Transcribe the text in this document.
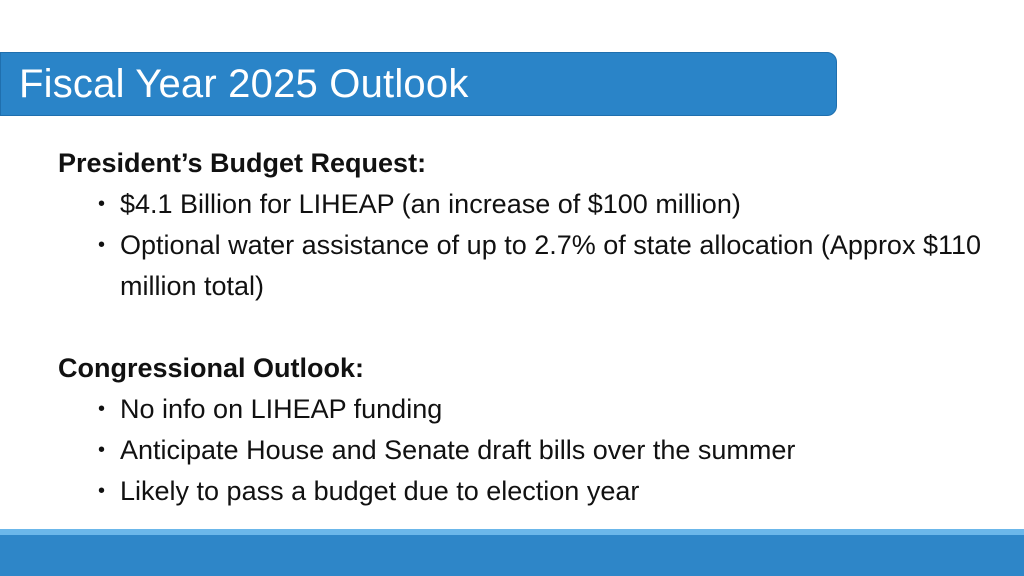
Fiscal Year 2025 Outlook
President’s Budget Request:
• $4.1 Billion for LIHEAP (an increase of $100 million)
• Optional water assistance of up to 2.7% of state allocation (Approx $110 million total)
Congressional Outlook:
• No info on LIHEAP funding
• Anticipate House and Senate draft bills over the summer
• Likely to pass a budget due to election year
